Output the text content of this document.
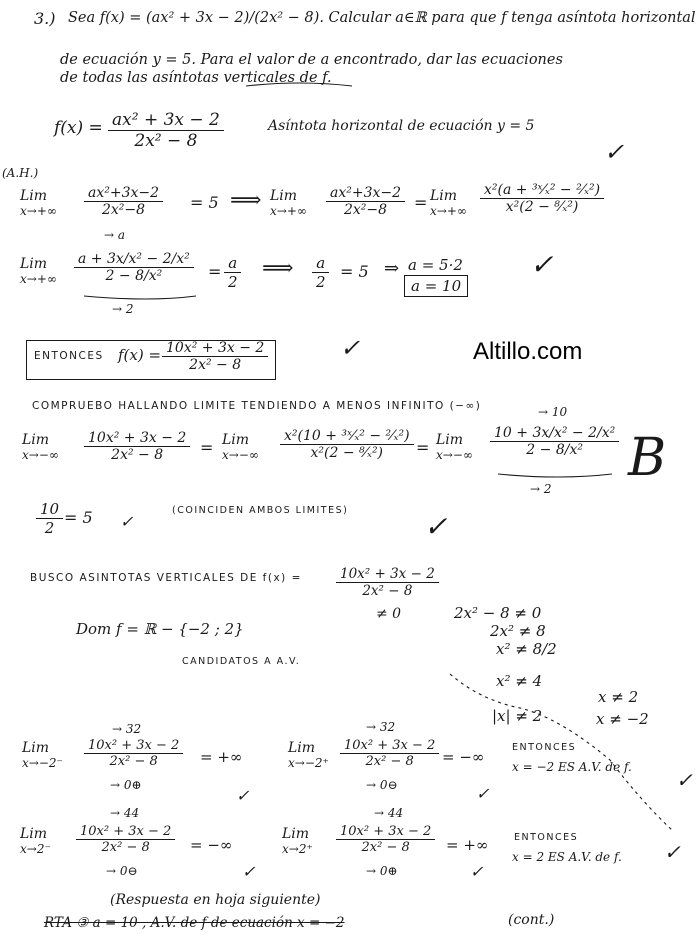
3.) Sea f(x) = (ax² + 3x − 2)/(2x² − 8). Calcular a∈ℝ para que f tenga asíntota horizontal
de ecuación y = 5. Para el valor de a encontrado, dar las ecuaciones
de todas las asíntotas verticales de f.
$f(x) = \frac{\text{ax² + 3x − 2}}{\text{2x² − 8}}$	Asíntota horizontal de ecuación y = 5
✓
(A.H.)
Lim
$x\to+\infty \frac{\text{ax²+3x−2}}{\text{2x²−8}} = 5$ ⟹ Lim
$x\to+\infty \frac{\text{ax²+3x−2}}{\text{2x²−8}}$ = Lim
$x\to+\infty \frac{\text{x²(a + ³ˣ⁄ₓ² − ²⁄ₓ²)}}{\text{x²(2 − ⁸⁄ₓ²)}}$
→ a
Lim
$x\to+\infty \frac{\text{a + 3x/x² − 2/x²}}{\text{2 − 8/x²}}$
→ 2
= $\frac{a}{2}$ ⟹ $\frac{a}{2} = 5$ ⇒ a = 5·2
a = 10
✓
ENTONCES $f(x) = \frac{\text{10x² + 3x − 2}}{\text{2x² − 8}}$	✓	Altillo.com
COMPRUEBO HALLANDO LIMITE TENDIENDO A MENOS INFINITO (−∞)
Lim
$x\to-\infty \frac{\text{10x² + 3x − 2}}{\text{2x² − 8}}$ = Lim
$x\to-\infty \frac{\text{x²(10 + ³ˣ⁄ₓ² − ²⁄ₓ²)}}{\text{x²(2 − ⁸⁄ₓ²)}}$ = Lim
x→−∞
→ 10
$\frac{\text{10 + 3x/x² − 2/x²}}{\text{2 − 8/x²}}$
→ 2
B
$\frac{10}{2} = 5$ ✓
(COINCIDEN AMBOS LIMITES)	✓
BUSCO ASINTOTAS VERTICALES DE f(x) =	$\frac{\text{10x² + 3x − 2}}{\text{2x² − 8}}$
≠ 0
Dom f = ℝ − {−2 ; 2}
CANDIDATOS A A.V.
2x² − 8 ≠ 0
2x² ≠ 8
x² ≠ 8/2
x² ≠ 4
|x| ≠ 2
x ≠ 2
x ≠ −2
→ 32
Lim
$x\to-2^- \frac{\text{10x² + 3x − 2}}{\text{2x² − 8}}$
→ 0⊕
= +∞
→ 32
Lim
$x\to-2^+ \frac{\text{10x² + 3x − 2}}{\text{2x² − 8}}$
→ 0⊖
= −∞
ENTONCES
x = −2 ES A.V. de f.
✓
✓	✓
→ 44
Lim
$x\to 2^- \frac{\text{10x² + 3x − 2}}{\text{2x² − 8}}$
→ 0⊖
= −∞
→ 44
Lim
$x\to 2^+ \frac{\text{10x² + 3x − 2}}{\text{2x² − 8}}$
→ 0⊕
= +∞	ENTONCES
x = 2 ES A.V. de f. ✓
✓	✓
(Respuesta en hoja siguiente)
RTA ③ a = 10 , A.V. de f de ecuación x = −2	(cont.)
